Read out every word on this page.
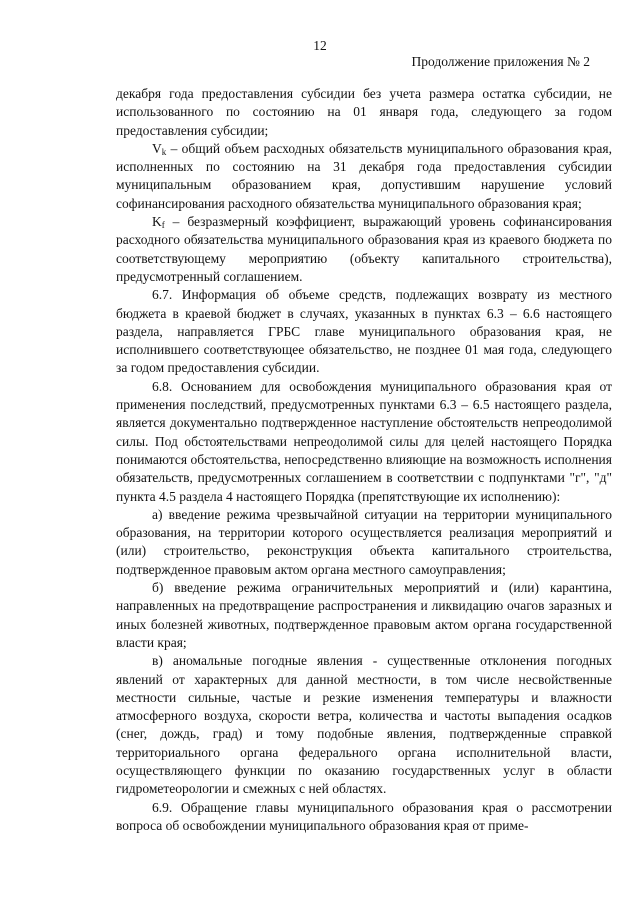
12
Продолжение приложения № 2

декабря года предоставления субсидии без учета размера остатка субсидии, не использованного по состоянию на 01 января года, следующего за годом предоставления субсидии;

$V_k$ – общий объем расходных обязательств муниципального образования края, исполненных по состоянию на 31 декабря года предоставления субсидии муниципальным образованием края, допустившим нарушение условий софинансирования расходного обязательства муниципального образования края;

$K_f$ – безразмерный коэффициент, выражающий уровень софинансирования расходного обязательства муниципального образования края из краевого бюджета по соответствующему мероприятию (объекту капитального строительства), предусмотренный соглашением.

6.7. Информация об объеме средств, подлежащих возврату из местного бюджета в краевой бюджет в случаях, указанных в пунктах 6.3 – 6.6 настоящего раздела, направляется ГРБС главе муниципального образования края, не исполнившего соответствующее обязательство, не позднее 01 мая года, следующего за годом предоставления субсидии.

6.8. Основанием для освобождения муниципального образования края от применения последствий, предусмотренных пунктами 6.3 – 6.5 настоящего раздела, является документально подтвержденное наступление обстоятельств непреодолимой силы. Под обстоятельствами непреодолимой силы для целей настоящего Порядка понимаются обстоятельства, непосредственно влияющие на возможность исполнения обязательств, предусмотренных соглашением в соответствии с подпунктами "г", "д" пункта 4.5 раздела 4 настоящего Порядка (препятствующие их исполнению):

а) введение режима чрезвычайной ситуации на территории муниципального образования, на территории которого осуществляется реализация мероприятий и (или) строительство, реконструкция объекта капитального строительства, подтвержденное правовым актом органа местного самоуправления;

б) введение режима ограничительных мероприятий и (или) карантина, направленных на предотвращение распространения и ликвидацию очагов заразных и иных болезней животных, подтвержденное правовым актом органа государственной власти края;

в) аномальные погодные явления - существенные отклонения погодных явлений от характерных для данной местности, в том числе несвойственные местности сильные, частые и резкие изменения температуры и влажности атмосферного воздуха, скорости ветра, количества и частоты выпадения осадков (снег, дождь, град) и тому подобные явления, подтвержденные справкой территориального органа федерального органа исполнительной власти, осуществляющего функции по оказанию государственных услуг в области гидрометеорологии и смежных с ней областях.

6.9. Обращение главы муниципального образования края о рассмотрении вопроса об освобождении муниципального образования края от приме-
